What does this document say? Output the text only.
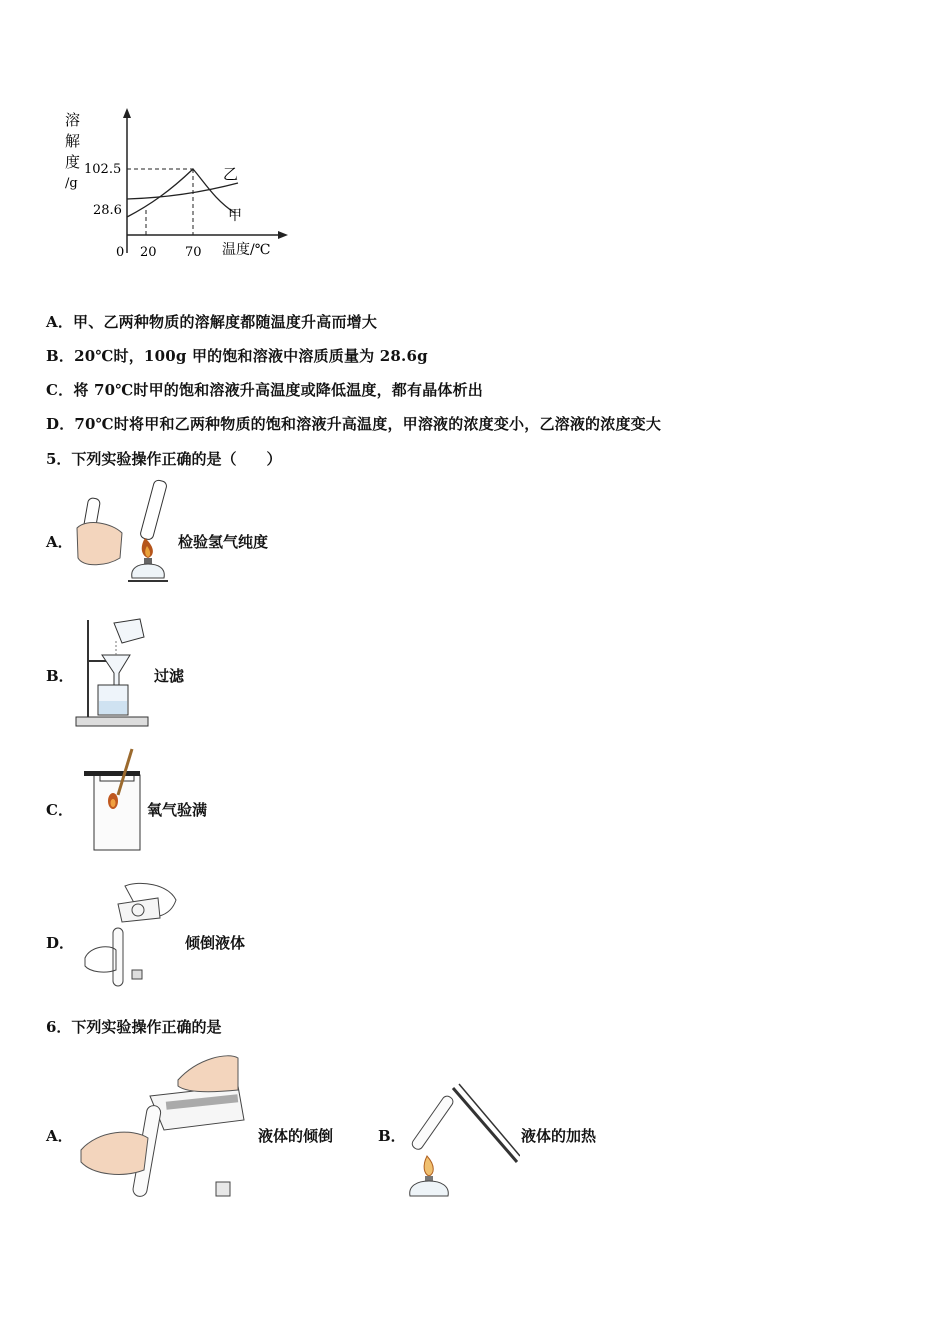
溶
解
度
/g
102.5
28.6
0 20 70 温度/℃
乙
甲
A．甲、乙两种物质的溶解度都随温度升高而增大
B．20℃时，100g 甲的饱和溶液中溶质质量为 28.6g
C．将 70℃时甲的饱和溶液升高温度或降低温度，都有晶体析出
D．70℃时将甲和乙两种物质的饱和溶液升高温度，甲溶液的浓度变小，乙溶液的浓度变大
5．下列实验操作正确的是（　　）
A．	检验氢气纯度
B．	过滤
C．	氧气验满
D．	倾倒液体
6．下列实验操作正确的是
A．	液体的倾倒	B．	液体的加热
